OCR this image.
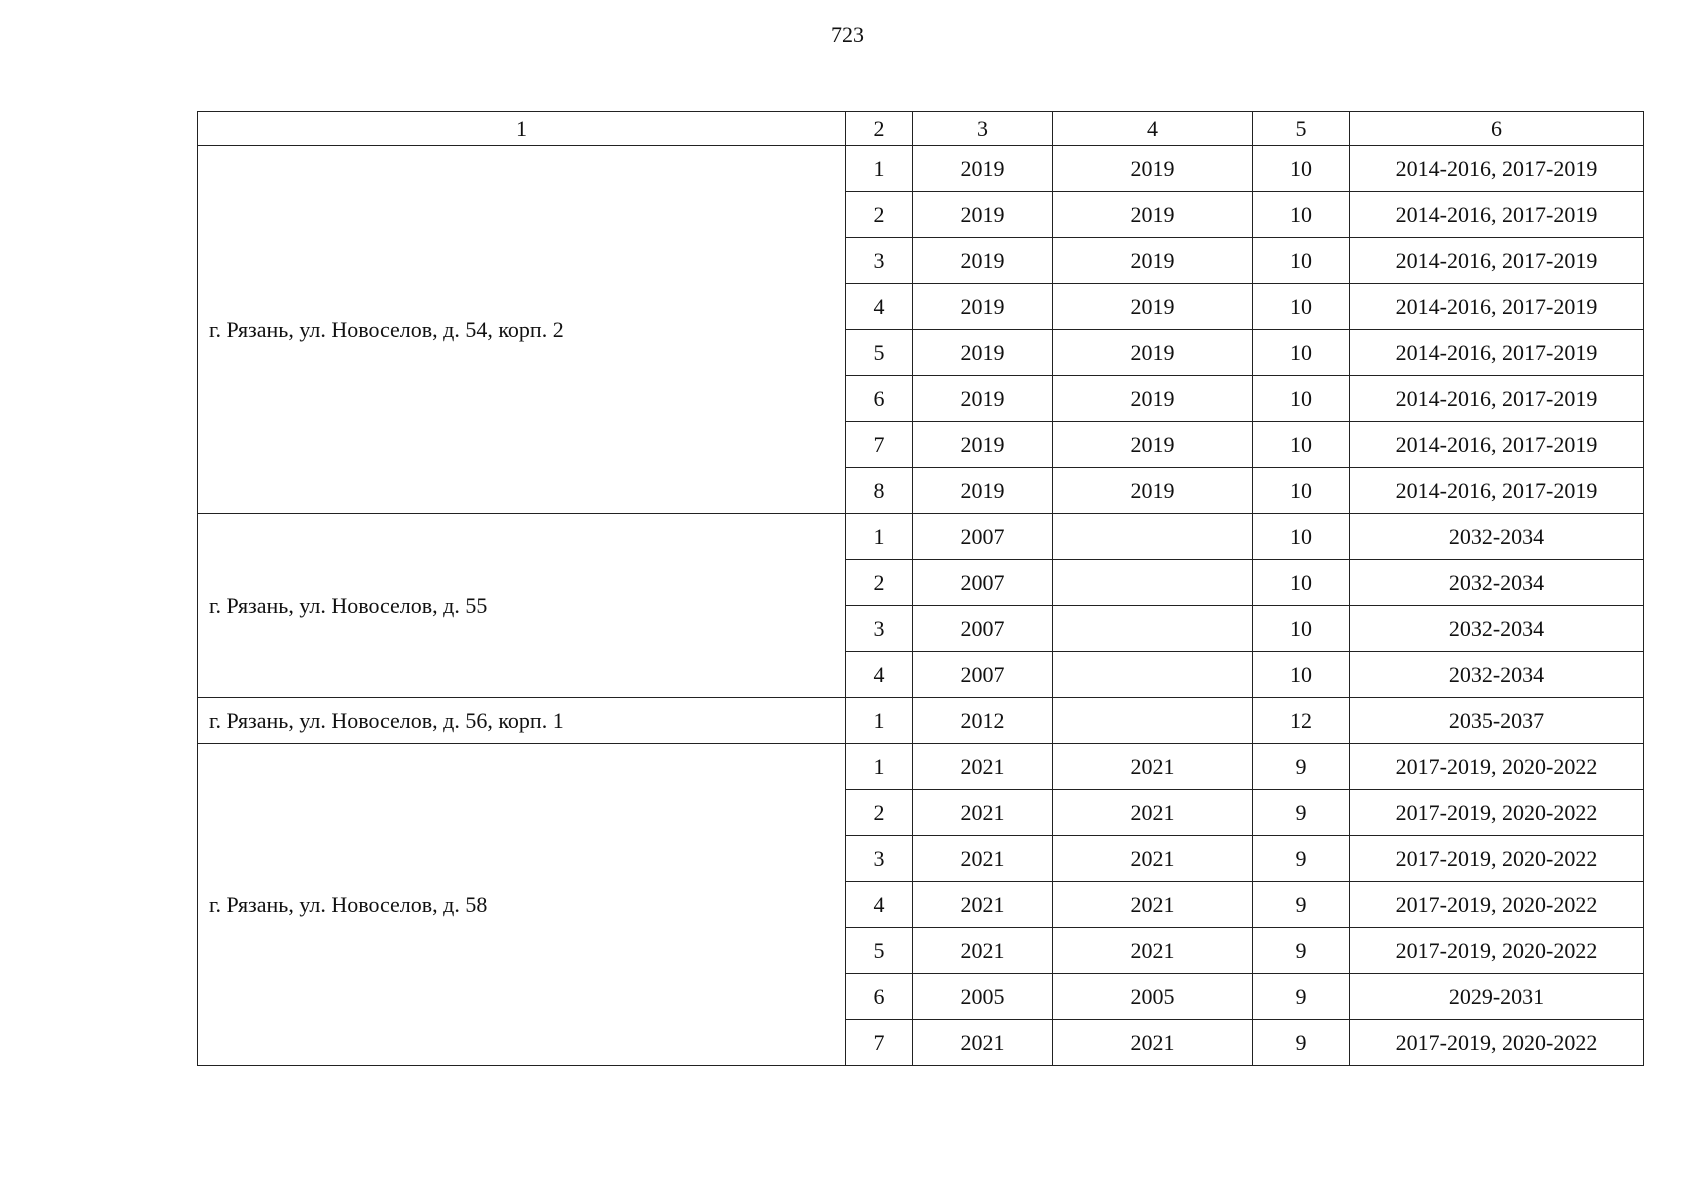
723
1	2	3	4	5	6
г. Рязань, ул. Новоселов, д. 54, корп. 2	1	2019	2019	10	2014-2016, 2017-2019
	2	2019	2019	10	2014-2016, 2017-2019
	3	2019	2019	10	2014-2016, 2017-2019
	4	2019	2019	10	2014-2016, 2017-2019
	5	2019	2019	10	2014-2016, 2017-2019
	6	2019	2019	10	2014-2016, 2017-2019
	7	2019	2019	10	2014-2016, 2017-2019
	8	2019	2019	10	2014-2016, 2017-2019
г. Рязань, ул. Новоселов, д. 55	1	2007		10	2032-2034
	2	2007		10	2032-2034
	3	2007		10	2032-2034
	4	2007		10	2032-2034
г. Рязань, ул. Новоселов, д. 56, корп. 1	1	2012		12	2035-2037
г. Рязань, ул. Новоселов, д. 58	1	2021	2021	9	2017-2019, 2020-2022
	2	2021	2021	9	2017-2019, 2020-2022
	3	2021	2021	9	2017-2019, 2020-2022
	4	2021	2021	9	2017-2019, 2020-2022
	5	2021	2021	9	2017-2019, 2020-2022
	6	2005	2005	9	2029-2031
	7	2021	2021	9	2017-2019, 2020-2022
